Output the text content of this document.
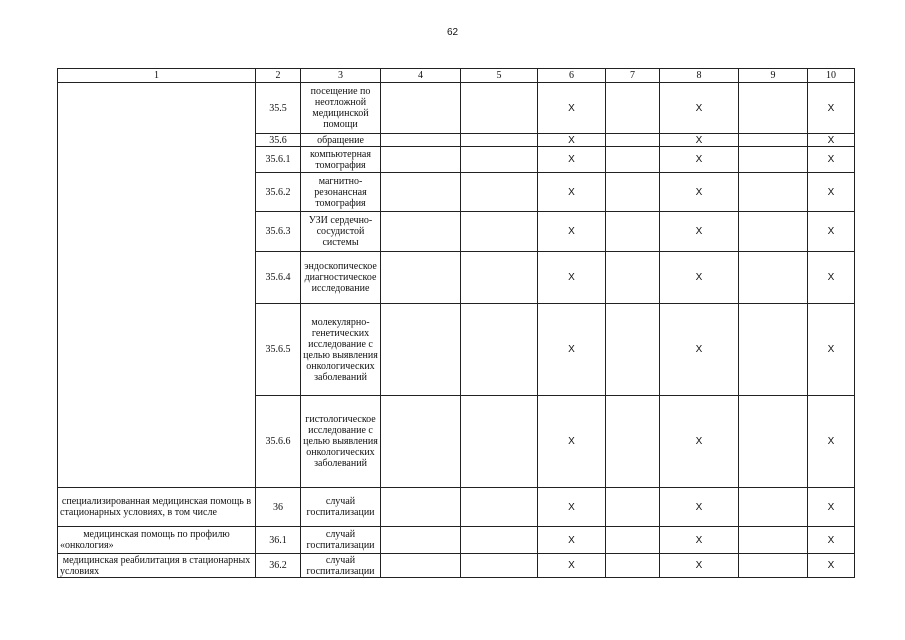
62
1	2	3	4	5	6	7	8	9	10
	35.5	посещение по неотложной медицинской помощи			X		X		X
	35.6	обращение			X		X		X
	35.6.1	компьютерная томография			X		X		X
	35.6.2	магнитно-резонансная томография			X		X		X
	35.6.3	УЗИ сердечно-сосудистой системы			X		X		X
	35.6.4	эндоскопическое диагностическое исследование			X		X		X
	35.6.5	молекулярно-генетических исследование с целью выявления онкологических заболеваний			X		X		X
	35.6.6	гистологическое исследование с целью выявления онкологических заболеваний			X		X		X
специализированная медицинская помощь в стационарных условиях, в том числе	36	случай госпитализации			X		X		X
медицинская помощь по профилю «онкология»	36.1	случай госпитализации			X		X		X
медицинская реабилитация в стационарных условиях	36.2	случай госпитализации			X		X		X
